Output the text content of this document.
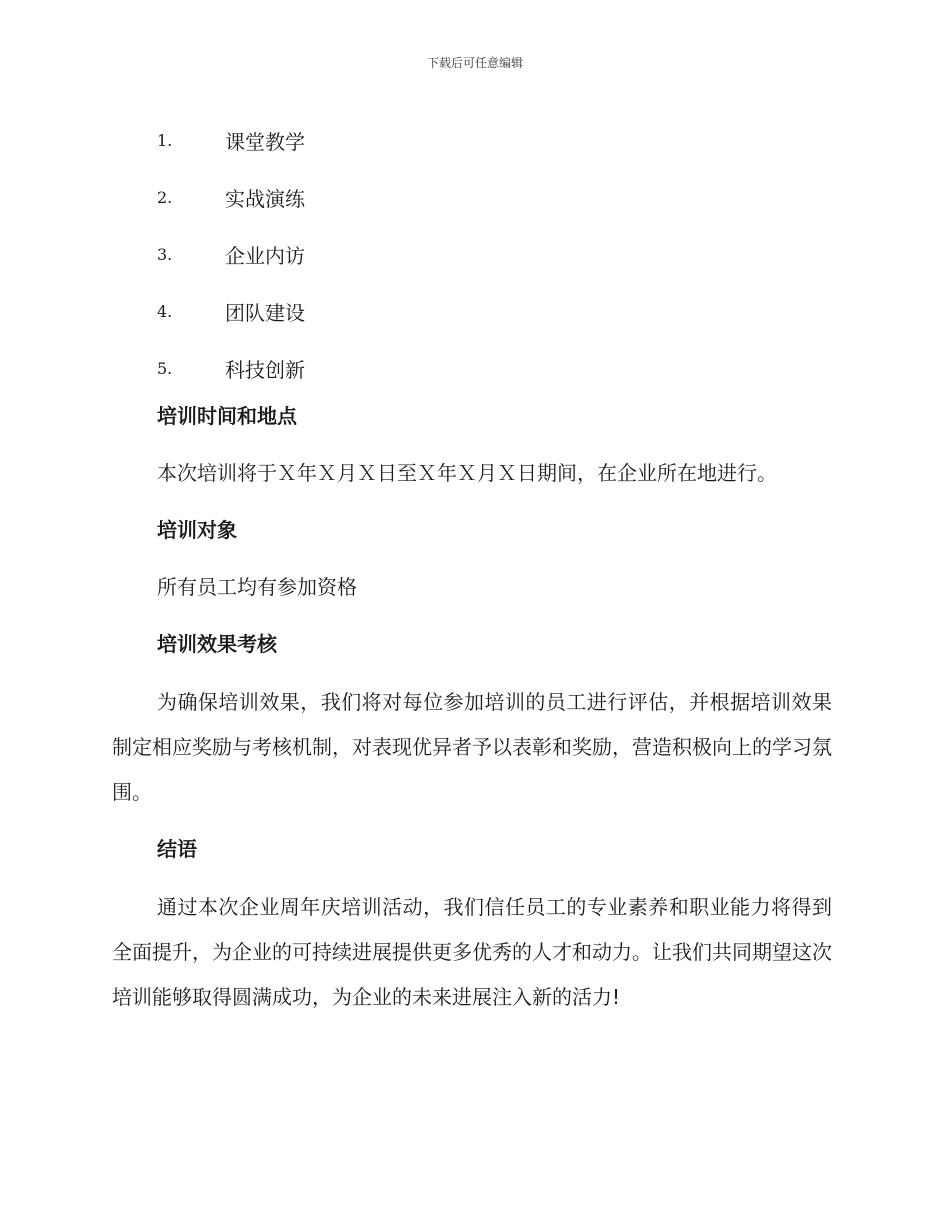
下载后可任意编辑
1.	课堂教学
2.	实战演练
3.	企业内访
4.	团队建设
5.	科技创新
培训时间和地点
本次培训将于Ｘ年Ｘ月Ｘ日至Ｘ年Ｘ月Ｘ日期间，在企业所在地进行。
培训对象
所有员工均有参加资格
培训效果考核

为确保培训效果，我们将对每位参加培训的员工进行评估，并根据培训效果制定相应奖励与考核机制，对表现优异者予以表彰和奖励，营造积极向上的学习氛围。

结语

通过本次企业周年庆培训活动，我们信任员工的专业素养和职业能力将得到全面提升，为企业的可持续进展提供更多优秀的人才和动力。让我们共同期望这次培训能够取得圆满成功，为企业的未来进展注入新的活力!
